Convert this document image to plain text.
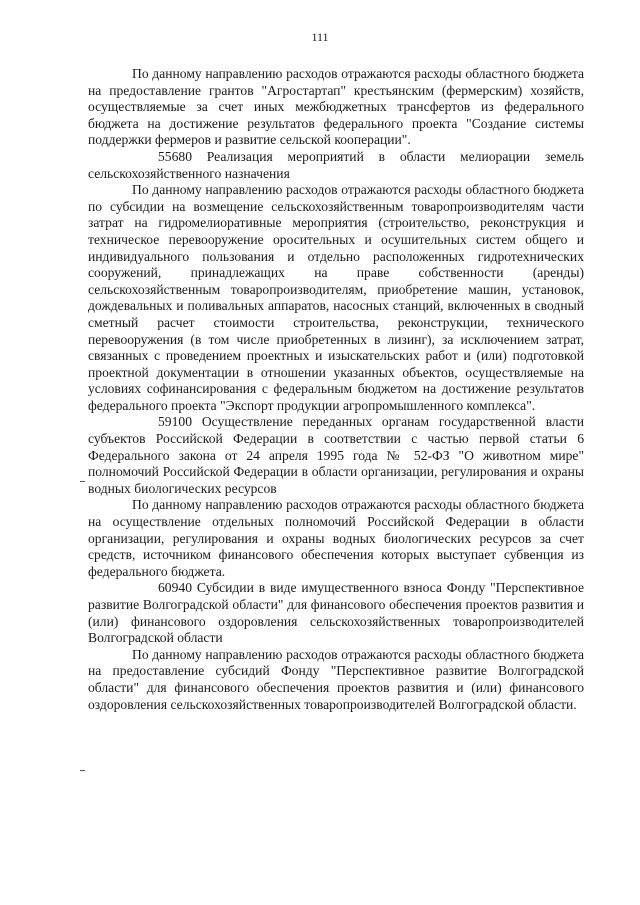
111

По данному направлению расходов отражаются расходы областного бюджета на предоставление грантов "Агростартап" крестьянским (фермерским) хозяйств, осуществляемые за счет иных межбюджетных трансфертов из федерального бюджета на достижение результатов федерального проекта "Создание системы поддержки фермеров и развитие сельской кооперации".

55680 Реализация мероприятий в области мелиорации земель сельскохозяйственного назначения

По данному направлению расходов отражаются расходы областного бюджета по субсидии на возмещение сельскохозяйственным товаропроизводителям части затрат на гидромелиоративные мероприятия (строительство, реконструкция и техническое перевооружение оросительных и осушительных систем общего и индивидуального пользования и отдельно расположенных гидротехнических сооружений, принадлежащих на праве собственности (аренды) сельскохозяйственным товаропроизводителям, приобретение машин, установок, дождевальных и поливальных аппаратов, насосных станций, включенных в сводный сметный расчет стоимости строительства, реконструкции, технического перевооружения (в том числе приобретенных в лизинг), за исключением затрат, связанных с проведением проектных и изыскательских работ и (или) подготовкой проектной документации в отношении указанных объектов, осуществляемые на условиях софинансирования с федеральным бюджетом на достижение результатов федерального проекта "Экспорт продукции агропромышленного комплекса".

59100 Осуществление переданных органам государственной власти субъектов Российской Федерации в соответствии с частью первой статьи 6 Федерального закона от 24 апреля 1995 года № 52-ФЗ "О животном мире" полномочий Российской Федерации в области организации, регулирования и охраны водных биологических ресурсов

По данному направлению расходов отражаются расходы областного бюджета на осуществление отдельных полномочий Российской Федерации в области организации, регулирования и охраны водных биологических ресурсов за счет средств, источником финансового обеспечения которых выступает субвенция из федерального бюджета.

60940 Субсидии в виде имущественного взноса Фонду "Перспективное развитие Волгоградской области" для финансового обеспечения проектов развития и (или) финансового оздоровления сельскохозяйственных товаропроизводителей Волгоградской области

По данному направлению расходов отражаются расходы областного бюджета на предоставление субсидий Фонду "Перспективное развитие Волгоградской области" для финансового обеспечения проектов развития и (или) финансового оздоровления сельскохозяйственных товаропроизводителей Волгоградской области.
